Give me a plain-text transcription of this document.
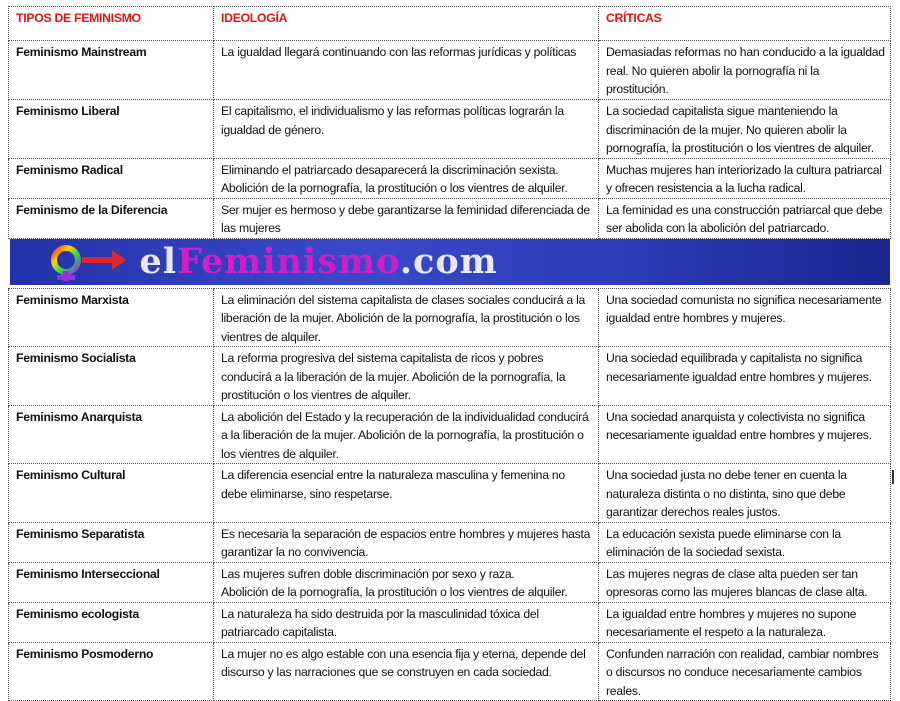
TIPOS DE FEMINISMO	IDEOLOGÍA	CRÍTICAS
Feminismo Mainstream	La igualdad llegará continuando con las reformas jurídicas y políticas	Demasiadas reformas no han conducido a la igualdad
real. No quieren abolir la pornografía ni la
prostitución.
Feminismo Liberal	El capitalismo, el individualismo y las reformas políticas lograrán la
igualdad de género.	La sociedad capitalista sigue manteniendo la
discriminación de la mujer. No quieren abolir la
pornografía, la prostitución o los vientres de alquiler.
Feminismo Radical	Eliminando el patriarcado desaparecerá la discriminación sexista.
Abolición de la pornografía, la prostitución o los vientres de alquiler.	Muchas mujeres han interiorizado la cultura patriarcal
y ofrecen resistencia a la lucha radical.
Feminismo de la Diferencia	Ser mujer es hermoso y debe garantizarse la feminidad diferenciada de
las mujeres	La feminidad es una construcción patriarcal que debe
ser abolida con la abolición del patriarcado.

elFeminismo.com		

Feminismo Marxista	La eliminación del sistema capitalista de clases sociales conducirá a la
liberación de la mujer. Abolición de la pornografía, la prostitución o los
vientres de alquiler.	Una sociedad comunista no significa necesariamente
igualdad entre hombres y mujeres.
Feminismo Socialista	La reforma progresiva del sistema capitalista de ricos y pobres
conducirá a la liberación de la mujer. Abolición de la pornografía, la
prostitución o los vientres de alquiler.	Una sociedad equilibrada y capitalista no significa
necesariamente igualdad entre hombres y mujeres.
Feminismo Anarquista	La abolición del Estado y la recuperación de la individualidad conducirá
a la liberación de la mujer. Abolición de la pornografía, la prostitución o
los vientres de alquiler.	Una sociedad anarquista y colectivista no significa
necesariamente igualdad entre hombres y mujeres.
Feminismo Cultural	La diferencia esencial entre la naturaleza masculina y femenina no
debe eliminarse, sino respetarse.	Una sociedad justa no debe tener en cuenta la
naturaleza distinta o no distinta, sino que debe
garantizar derechos reales justos.
Feminismo Separatista	Es necesaria la separación de espacios entre hombres y mujeres hasta
garantizar la no convivencia.	La educación sexista puede eliminarse con la
eliminación de la sociedad sexista.
Feminismo Interseccional	Las mujeres sufren doble discriminación por sexo y raza.
Abolición de la pornografía, la prostitución o los vientres de alquiler.	Las mujeres negras de clase alta pueden ser tan
opresoras como las mujeres blancas de clase alta.
Feminismo ecologista	La naturaleza ha sido destruida por la masculinidad tóxica del
patriarcado capitalista.	La igualdad entre hombres y mujeres no supone
necesariamente el respeto a la naturaleza.
Feminismo Posmoderno	La mujer no es algo estable con una esencia fija y eterna, depende del
discurso y las narraciones que se construyen en cada sociedad.	Confunden narración con realidad, cambiar nombres
o discursos no conduce necesariamente cambios
reales.
